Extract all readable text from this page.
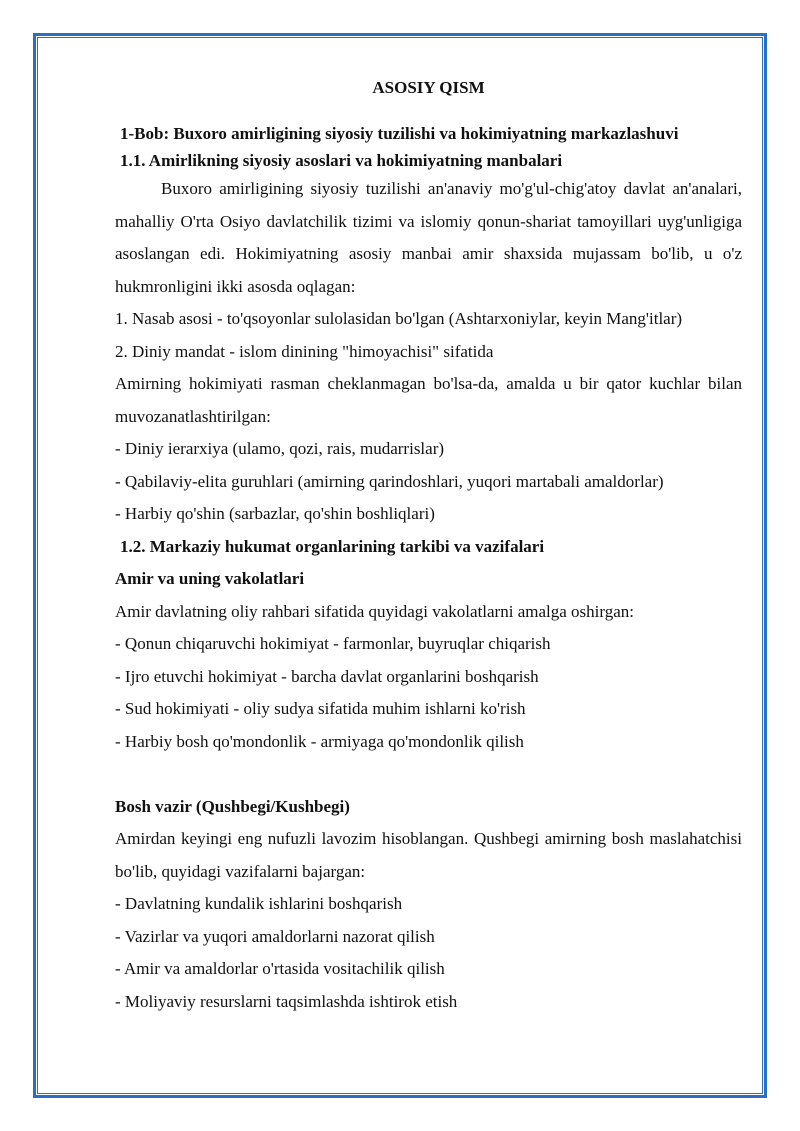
ASOSIY QISM
1-Bob: Buxoro amirligining siyosiy tuzilishi va hokimiyatning markazlashuvi
1.1. Amirlikning siyosiy asoslari va hokimiyatning manbalari

Buxoro amirligining siyosiy tuzilishi an'anaviy mo'g'ul-chig'atoy davlat an'analari, mahalliy O'rta Osiyo davlatchilik tizimi va islomiy qonun-shariat tamoyillari uyg'unligiga asoslangan edi. Hokimiyatning asosiy manbai amir shaxsida mujassam bo'lib, u o'z hukmronligini ikki asosda oqlagan:

1. Nasab asosi - to'qsoyonlar sulolasidan bo'lgan (Ashtarxoniylar, keyin Mang'itlar)
2. Diniy mandat - islom dinining "himoyachisi" sifatida

Amirning hokimiyati rasman cheklanmagan bo'lsa-da, amalda u bir qator kuchlar bilan muvozanatlashtirilgan:

- Diniy ierarxiya (ulamo, qozi, rais, mudarrislar)
- Qabilaviy-elita guruhlari (amirning qarindoshlari, yuqori martabali amaldorlar)
- Harbiy qo'shin (sarbazlar, qo'shin boshliqlari)
1.2. Markaziy hukumat organlarining tarkibi va vazifalari
Amir va uning vakolatlari
Amir davlatning oliy rahbari sifatida quyidagi vakolatlarni amalga oshirgan:
- Qonun chiqaruvchi hokimiyat - farmonlar, buyruqlar chiqarish
- Ijro etuvchi hokimiyat - barcha davlat organlarini boshqarish
- Sud hokimiyati - oliy sudya sifatida muhim ishlarni ko'rish
- Harbiy bosh qo'mondonlik - armiyaga qo'mondonlik qilish
Bosh vazir (Qushbegi/Kushbegi)

Amirdan keyingi eng nufuzli lavozim hisoblangan. Qushbegi amirning bosh maslahatchisi bo'lib, quyidagi vazifalarni bajargan:

- Davlatning kundalik ishlarini boshqarish
- Vazirlar va yuqori amaldorlarni nazorat qilish
- Amir va amaldorlar o'rtasida vositachilik qilish
- Moliyaviy resurslarni taqsimlashda ishtirok etish
